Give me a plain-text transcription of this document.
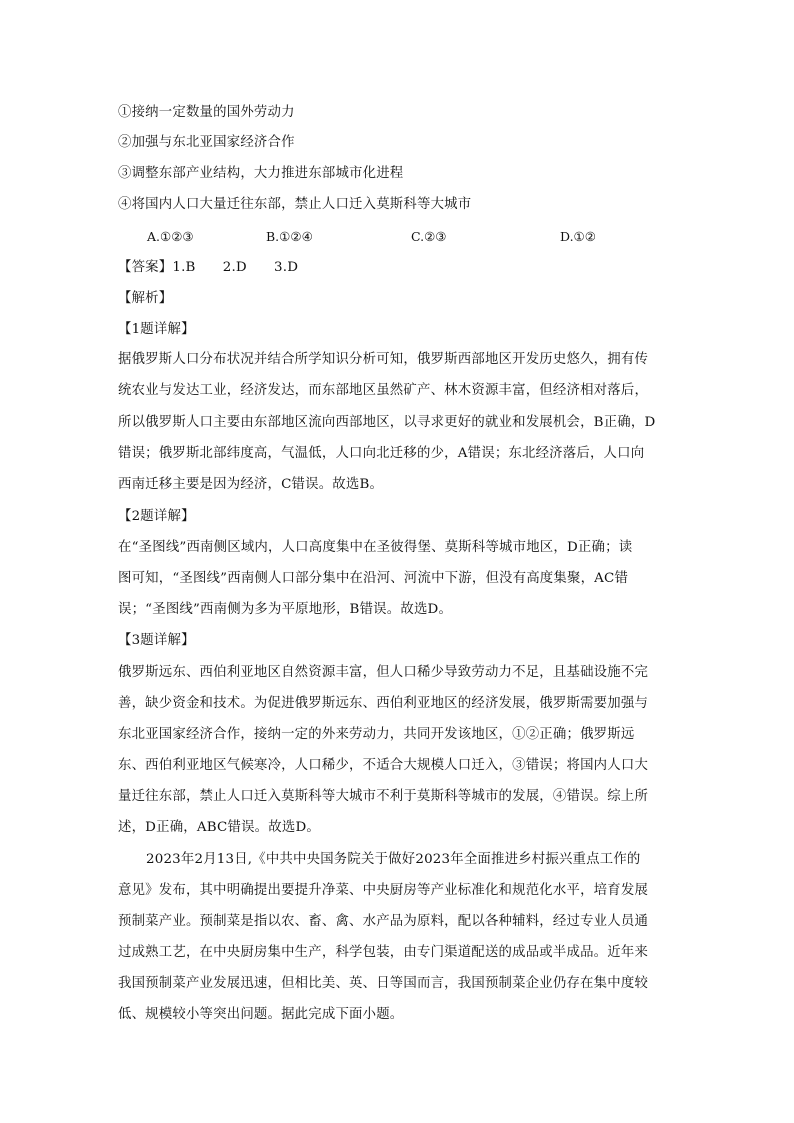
①接纳一定数量的国外劳动力
②加强与东北亚国家经济合作
③调整东部产业结构，大力推进东部城市化进程
④将国内人口大量迁往东部，禁止人口迁入莫斯科等大城市
A.①②③	B.①②④	C.②③	D.①②
【答案】1.B　　2.D　　3.D
【解析】
【1题详解】
据俄罗斯人口分布状况并结合所学知识分析可知，俄罗斯西部地区开发历史悠久，拥有传
统农业与发达工业，经济发达，而东部地区虽然矿产、林木资源丰富，但经济相对落后，
所以俄罗斯人口主要由东部地区流向西部地区，以寻求更好的就业和发展机会，B正确，D
错误；俄罗斯北部纬度高，气温低，人口向北迁移的少，A错误；东北经济落后，人口向
西南迁移主要是因为经济，C错误。故选B。
【2题详解】
在“圣图线”西南侧区域内，人口高度集中在圣彼得堡、莫斯科等城市地区，D正确；读
图可知，“圣图线”西南侧人口部分集中在沿河、河流中下游，但没有高度集聚，AC错
误；“圣图线”西南侧为多为平原地形，B错误。故选D。
【3题详解】
俄罗斯远东、西伯利亚地区自然资源丰富，但人口稀少导致劳动力不足，且基础设施不完
善，缺少资金和技术。为促进俄罗斯远东、西伯利亚地区的经济发展，俄罗斯需要加强与
东北亚国家经济合作，接纳一定的外来劳动力，共同开发该地区，①②正确；俄罗斯远
东、西伯利亚地区气候寒冷，人口稀少，不适合大规模人口迁入，③错误；将国内人口大
量迁往东部，禁止人口迁入莫斯科等大城市不利于莫斯科等城市的发展，④错误。综上所
述，D正确，ABC错误。故选D。
2023年2月13日,《中共中央国务院关于做好2023年全面推进乡村振兴重点工作的
意见》发布，其中明确提出要提升净菜、中央厨房等产业标准化和规范化水平，培育发展
预制菜产业。预制菜是指以农、畜、禽、水产品为原料，配以各种辅料，经过专业人员通
过成熟工艺，在中央厨房集中生产，科学包装，由专门渠道配送的成品或半成品。近年来
我国预制菜产业发展迅速，但相比美、英、日等国而言，我国预制菜企业仍存在集中度较
低、规模较小等突出问题。据此完成下面小题。
